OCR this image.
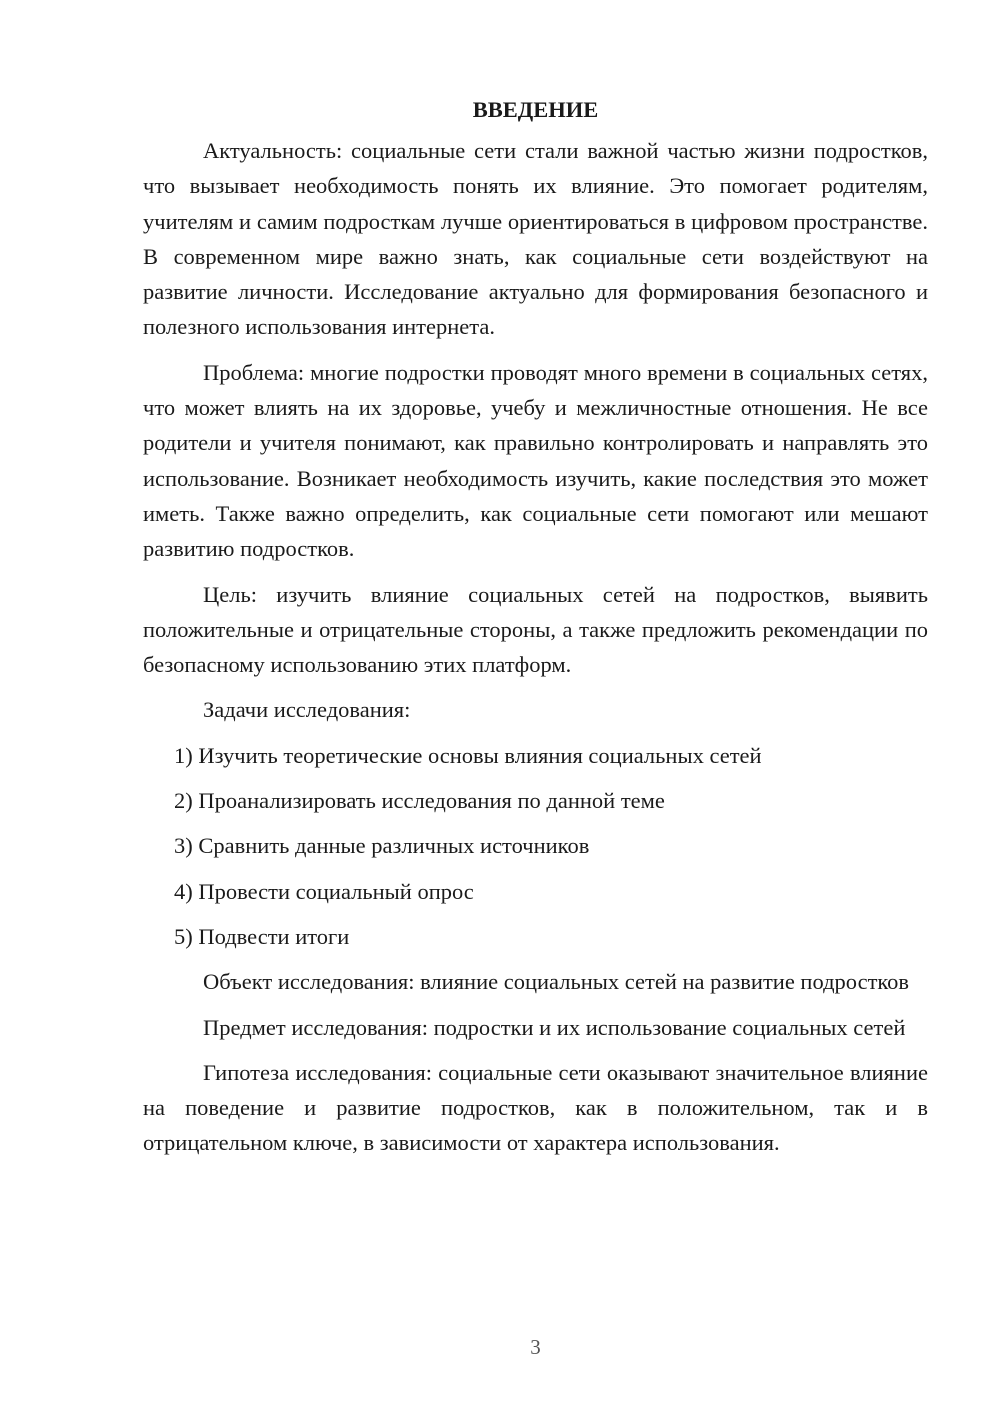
ВВЕДЕНИЕ

Актуальность: социальные сети стали важной частью жизни подростков, что вызывает необходимость понять их влияние. Это помогает родителям, учителям и самим подросткам лучше ориентироваться в цифровом пространстве. В современном мире важно знать, как социальные сети воздействуют на развитие личности. Исследование актуально для формирования безопасного и полезного использования интернета.

Проблема: многие подростки проводят много времени в социальных сетях, что может влиять на их здоровье, учебу и межличностные отношения. Не все родители и учителя понимают, как правильно контролировать и направлять это использование. Возникает необходимость изучить, какие последствия это может иметь. Также важно определить, как социальные сети помогают или мешают развитию подростков.

Цель: изучить влияние социальных сетей на подростков, выявить положительные и отрицательные стороны, а также предложить рекомендации по безопасному использованию этих платформ.

Задачи исследования:

1) Изучить теоретические основы влияния социальных сетей
2) Проанализировать исследования по данной теме
3) Сравнить данные различных источников
4) Провести социальный опрос
5) Подвести итоги

Объект исследования: влияние социальных сетей на развитие подростков

Предмет исследования: подростки и их использование социальных сетей

Гипотеза исследования: социальные сети оказывают значительное влияние на поведение и развитие подростков, как в положительном, так и в отрицательном ключе, в зависимости от характера использования.

3
